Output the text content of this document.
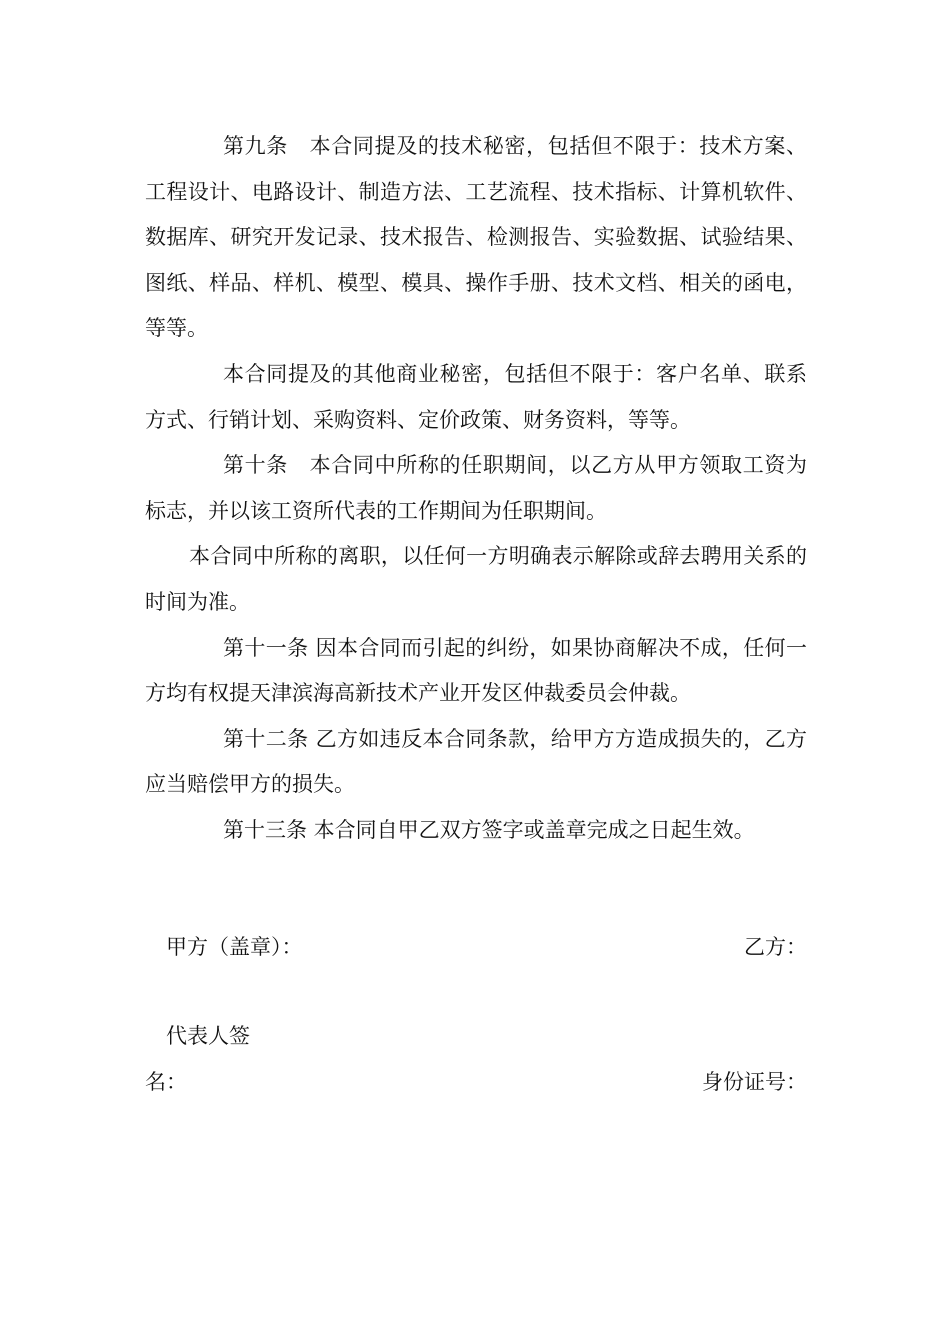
第九条　本合同提及的技术秘密，包括但不限于：技术方案、工程设计、电路设计、制造方法、工艺流程、技术指标、计算机软件、数据库、研究开发记录、技术报告、检测报告、实验数据、试验结果、图纸、样品、样机、模型、模具、操作手册、技术文档、相关的函电，等等。

本合同提及的其他商业秘密，包括但不限于：客户名单、联系方式、行销计划、采购资料、定价政策、财务资料，等等。

第十条　本合同中所称的任职期间，以乙方从甲方领取工资为标志，并以该工资所代表的工作期间为任职期间。

本合同中所称的离职，以任何一方明确表示解除或辞去聘用关系的时间为准。

第十一条 因本合同而引起的纠纷，如果协商解决不成，任何一方均有权提天津滨海高新技术产业开发区仲裁委员会仲裁。

第十二条 乙方如违反本合同条款，给甲方方造成损失的，乙方应当赔偿甲方的损失。

第十三条 本合同自甲乙双方签字或盖章完成之日起生效。

甲方（盖章）：	乙方：
代表人签
名：	身份证号：
